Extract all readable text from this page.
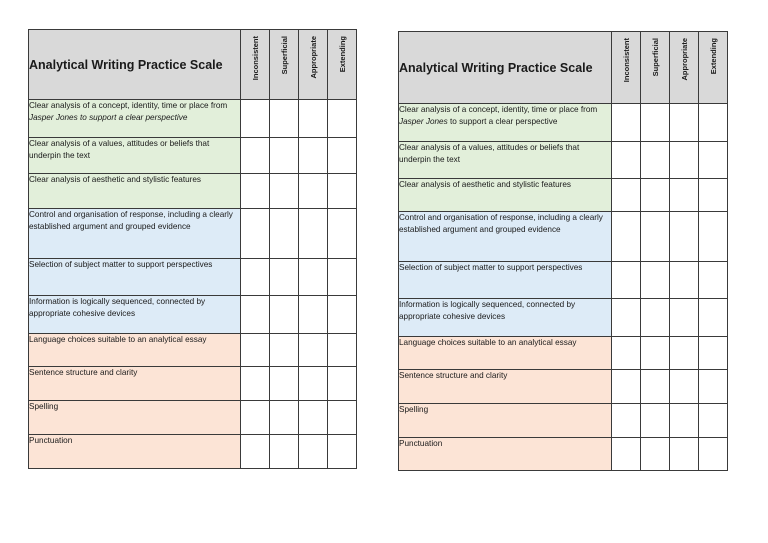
Analytical Writing Practice Scale	Inconsistent	Superficial	Appropriate	Extending
Clear analysis of a concept, identity, time or place from Jasper Jones to support a clear perspective				
Clear analysis of a values, attitudes or beliefs that underpin the text				
Clear analysis of aesthetic and stylistic features				
Control and organisation of response, including a clearly established argument and grouped evidence				
Selection of subject matter to support perspectives				
Information is logically sequenced, connected by appropriate cohesive devices				
Language choices suitable to an analytical essay				
Sentence structure and clarity				
Spelling				
Punctuation				
Analytical Writing Practice Scale	Inconsistent	Superficial	Appropriate	Extending
Clear analysis of a concept, identity, time or place from Jasper Jones to support a clear perspective				
Clear analysis of a values, attitudes or beliefs that underpin the text				
Clear analysis of aesthetic and stylistic features				
Control and organisation of response, including a clearly established argument and grouped evidence				
Selection of subject matter to support perspectives				
Information is logically sequenced, connected by appropriate cohesive devices				
Language choices suitable to an analytical essay				
Sentence structure and clarity				
Spelling				
Punctuation				
